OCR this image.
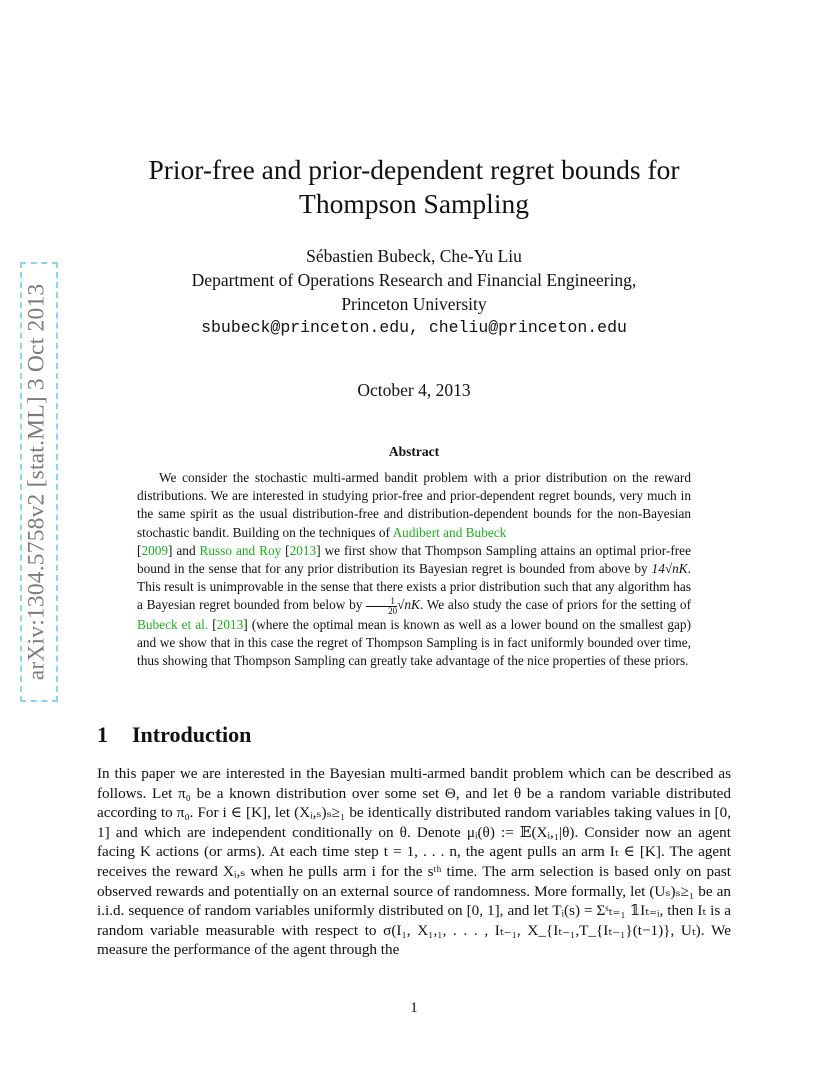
arXiv:1304.5758v2 [stat.ML] 3 Oct 2013
Prior-free and prior-dependent regret bounds for
Thompson Sampling
Sébastien Bubeck, Che-Yu Liu
Department of Operations Research and Financial Engineering,
Princeton University
sbubeck@princeton.edu, cheliu@princeton.edu
October 4, 2013
Abstract

We consider the stochastic multi-armed bandit problem with a prior distribution on the reward distributions. We are interested in studying prior-free and prior-dependent regret bounds, very much in the same spirit as the usual distribution-free and distribution-dependent bounds for the non-Bayesian stochastic bandit. Building on the techniques of Audibert and Bubeck
[2009] and Russo and Roy [2013] we first show that Thompson Sampling attains an optimal prior-free bound in the sense that for any prior distribution its Bayesian regret is bounded from above by 14√nK. This result is unimprovable in the sense that there exists a prior distribution such that any algorithm has a Bayesian regret bounded from below by $\frac{1}{20} √nK$. We also study the case of priors for the setting of Bubeck et al. [2013] (where the optimal mean is known as well as a lower bound on the smallest gap) and we show that in this case the regret of Thompson Sampling is in fact uniformly bounded over time, thus showing that Thompson Sampling can greatly take advantage of the nice properties of these priors.

1 Introduction
In this paper we are interested in the Bayesian multi-armed bandit problem which can be described as follows. Let π₀ be a known distribution over some set Θ, and let θ be a random variable distributed according to π₀. For i ∈ [K], let (Xᵢ,ₛ)ₛ≥₁ be identically distributed random variables taking values in [0, 1] and which are independent conditionally on θ. Denote μᵢ(θ) := 𝔼(Xᵢ,₁|θ). Consider now an agent facing K actions (or arms). At each time step t = 1, . . . n, the agent pulls an arm Iₜ ∈ [K]. The agent receives the reward Xᵢ,ₛ when he pulls arm i for the sᵗʰ time. The arm selection is based only on past observed rewards and potentially on an external source of randomness. More formally, let (Uₛ)ₛ≥₁ be an i.i.d. sequence of random variables uniformly distributed on [0, 1], and let Tᵢ(s) = Σˢₜ₌₁ 𝟙Iₜ₌ᵢ, then Iₜ is a random variable measurable with respect to σ(I₁, X₁,₁, . . . , Iₜ₋₁, X_{Iₜ₋₁,T_{Iₜ₋₁}(t−1)}, Uₜ). We measure the performance of the agent through the
1
